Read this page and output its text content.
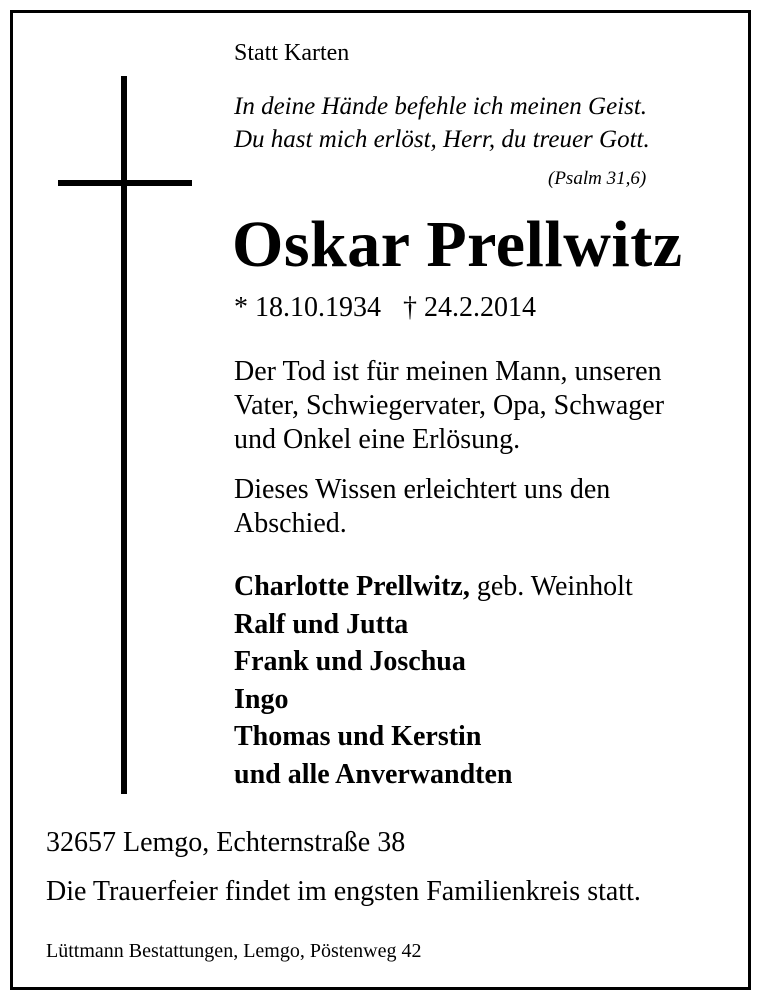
Statt Karten

In deine Hände befehle ich meinen Geist.

Du hast mich erlöst, Herr, du treuer Gott.

(Psalm 31,6)

Oskar Prellwitz

* 18.10.1934 † 24.2.2014

Der Tod ist für meinen Mann, unseren
Vater, Schwiegervater, Opa, Schwager
und Onkel eine Erlösung.

Dieses Wissen erleichtert uns den
Abschied.

Charlotte Prellwitz, geb. Weinholt
Ralf und Jutta
Frank und Joschua
Ingo
Thomas und Kerstin
und alle Anverwandten

32657 Lemgo, Echternstraße 38

Die Trauerfeier findet im engsten Familienkreis statt.

Lüttmann Bestattungen, Lemgo, Pöstenweg 42
